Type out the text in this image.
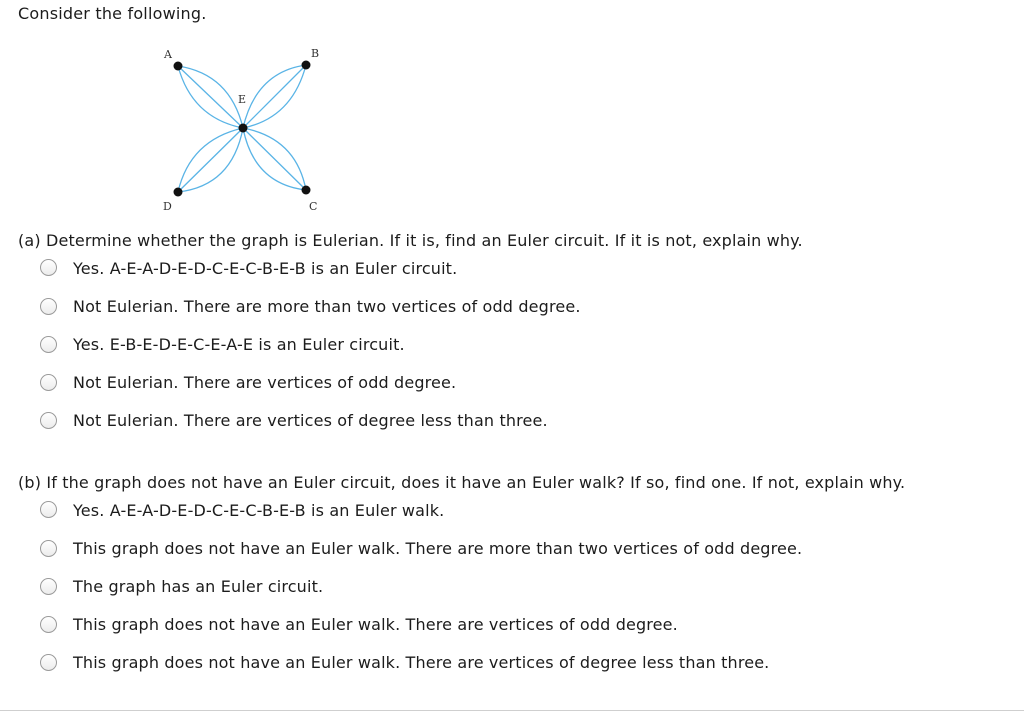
Consider the following.
A	B
C
D
E
(a) Determine whether the graph is Eulerian. If it is, find an Euler circuit. If it is not, explain why.
Yes. A-E-A-D-E-D-C-E-C-B-E-B is an Euler circuit.
Not Eulerian. There are more than two vertices of odd degree.
Yes. E-B-E-D-E-C-E-A-E is an Euler circuit.
Not Eulerian. There are vertices of odd degree.
Not Eulerian. There are vertices of degree less than three.
(b) If the graph does not have an Euler circuit, does it have an Euler walk? If so, find one. If not, explain why.
Yes. A-E-A-D-E-D-C-E-C-B-E-B is an Euler walk.
This graph does not have an Euler walk. There are more than two vertices of odd degree.
The graph has an Euler circuit.
This graph does not have an Euler walk. There are vertices of odd degree.
This graph does not have an Euler walk. There are vertices of degree less than three.
